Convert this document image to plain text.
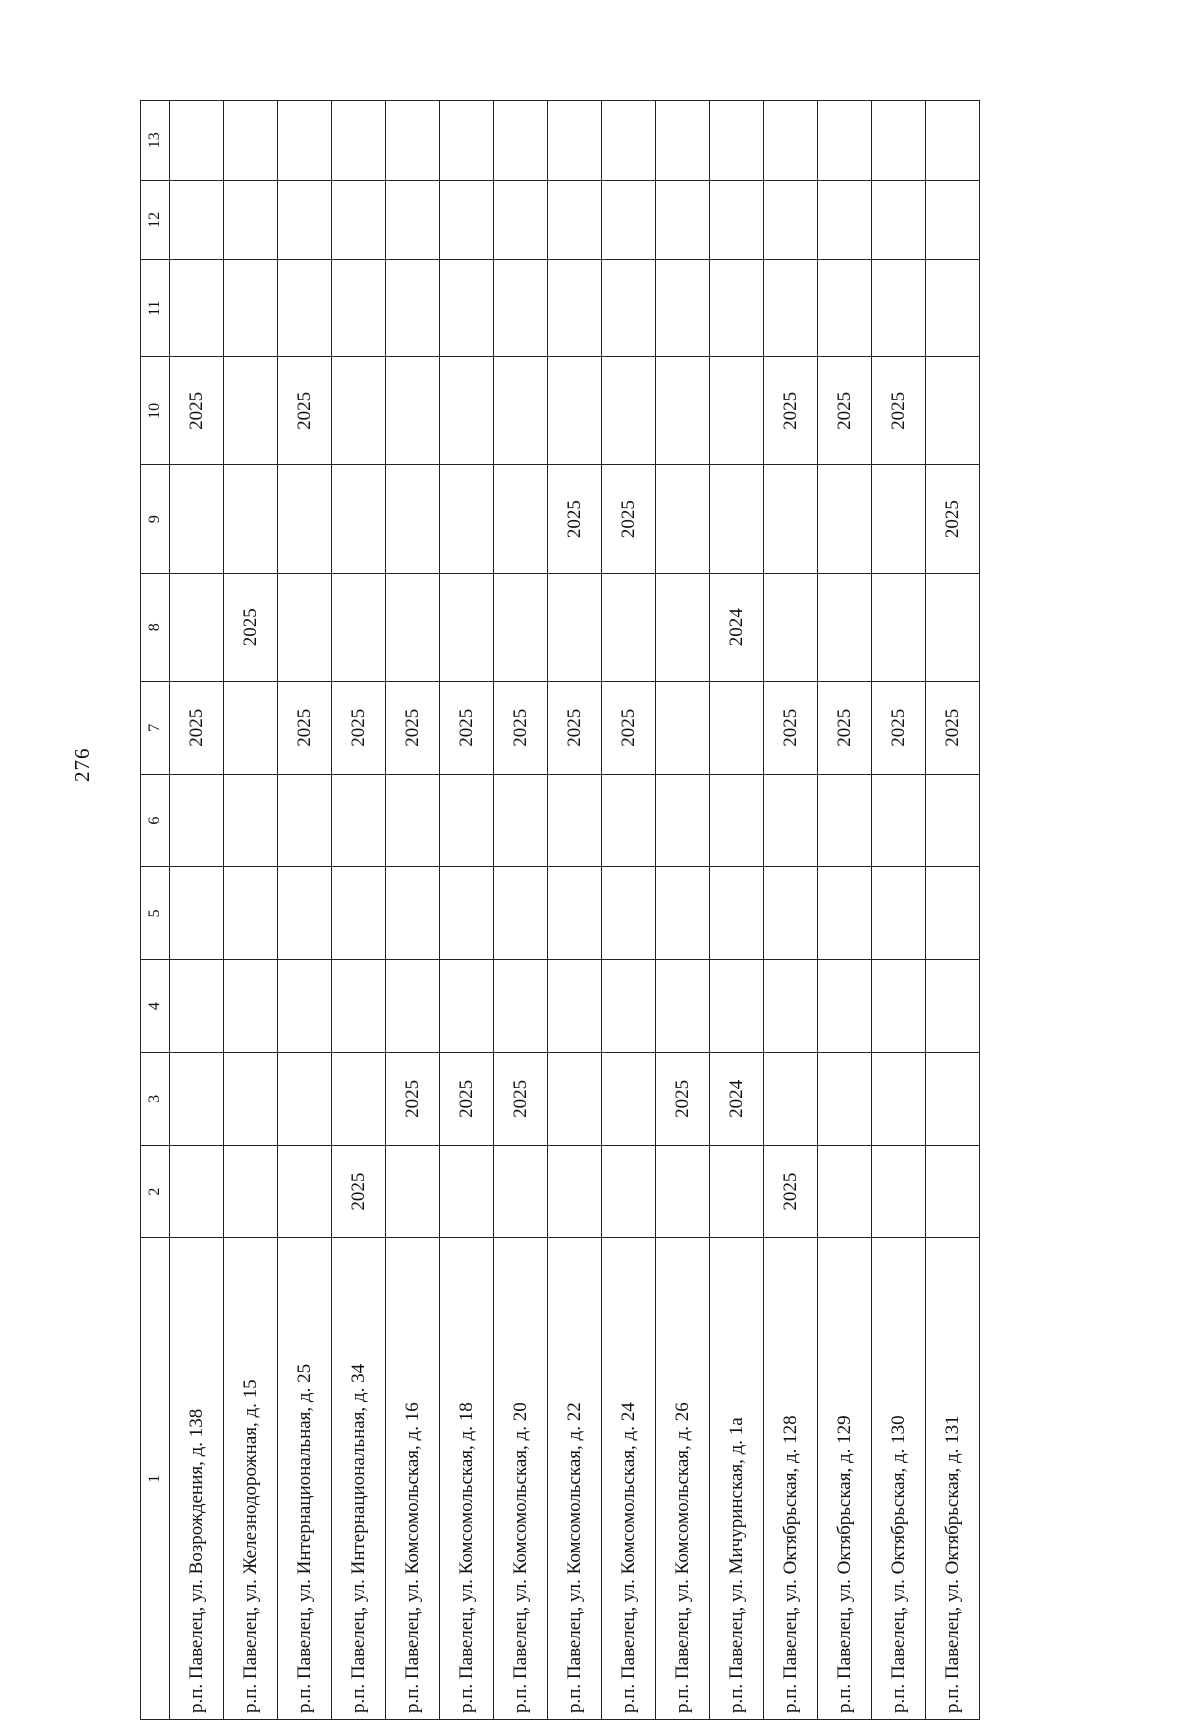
276
1	2	3	4	5	6	7	8	9	10	11	12	13
р.п. Павелец, ул. Возрождения, д. 138						2025			2025			
р.п. Павелец, ул. Железнодорожная, д. 15							2025					
р.п. Павелец, ул. Интернациональная, д. 25						2025			2025			
р.п. Павелец, ул. Интернациональная, д. 34	2025					2025						
р.п. Павелец, ул. Комсомольская, д. 16		2025				2025						
р.п. Павелец, ул. Комсомольская, д. 18		2025				2025						
р.п. Павелец, ул. Комсомольская, д. 20		2025				2025						
р.п. Павелец, ул. Комсомольская, д. 22						2025		2025				
р.п. Павелец, ул. Комсомольская, д. 24						2025		2025				
р.п. Павелец, ул. Комсомольская, д. 26		2025										
р.п. Павелец, ул. Мичуринская, д. 1а		2024					2024					
р.п. Павелец, ул. Октябрьская, д. 128	2025					2025			2025			
р.п. Павелец, ул. Октябрьская, д. 129						2025			2025			
р.п. Павелец, ул. Октябрьская, д. 130						2025			2025			
р.п. Павелец, ул. Октябрьская, д. 131						2025		2025				
